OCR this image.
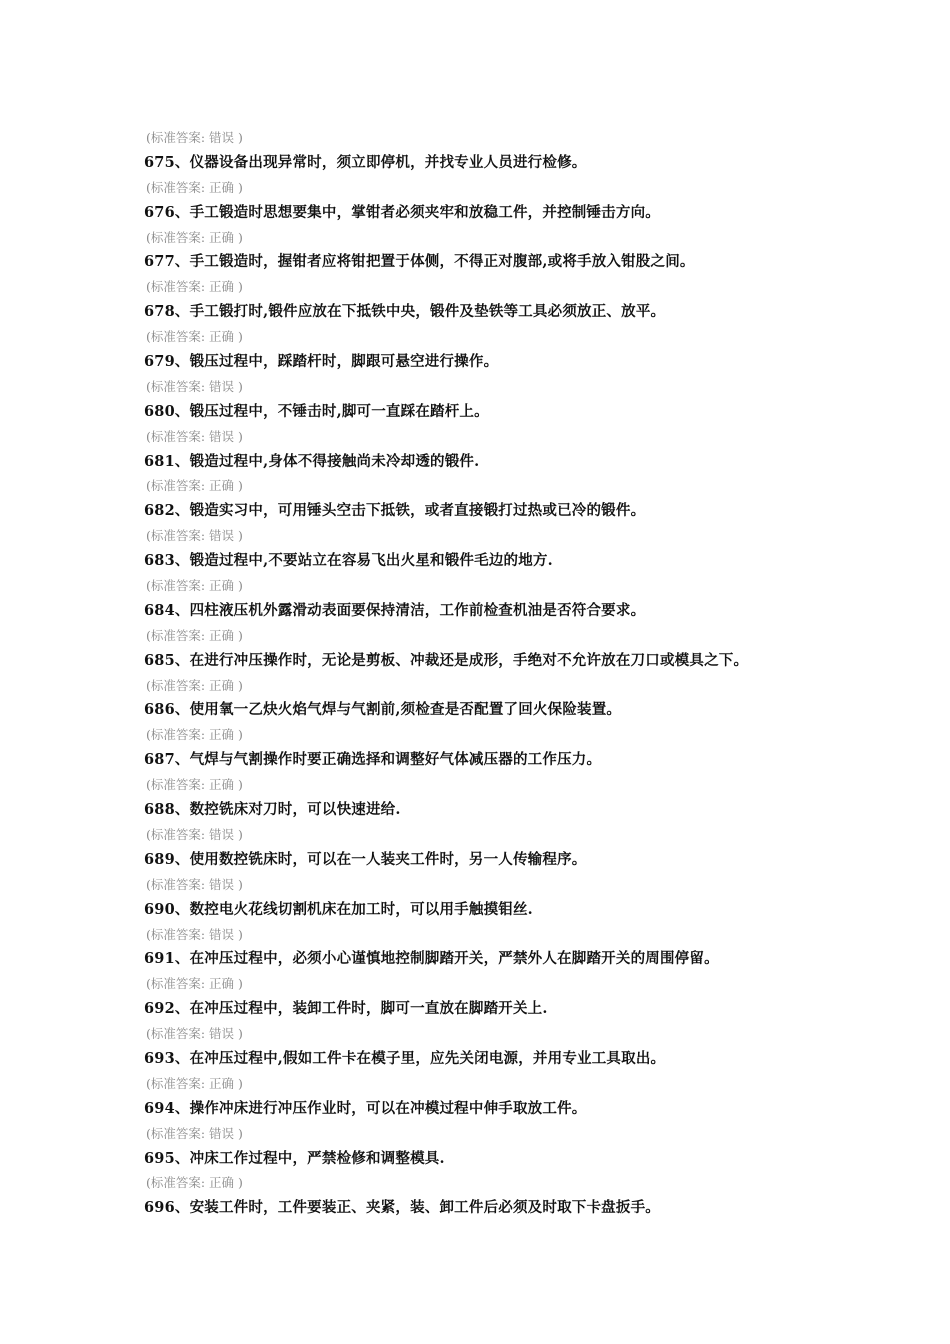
(标准答案: 错误 )
675、仪器设备出现异常时，须立即停机，并找专业人员进行检修。
(标准答案: 正确 )
676、手工锻造时思想要集中，掌钳者必须夹牢和放稳工件，并控制锤击方向。
(标准答案: 正确 )
677、手工锻造时，握钳者应将钳把置于体侧，不得正对腹部,或将手放入钳股之间。
(标准答案: 正确 )
678、手工锻打时,锻件应放在下抵铁中央，锻件及垫铁等工具必须放正、放平。
(标准答案: 正确 )
679、锻压过程中，踩踏杆时，脚跟可悬空进行操作。
(标准答案: 错误 )
680、锻压过程中，不锤击时,脚可一直踩在踏杆上。
(标准答案: 错误 )
681、锻造过程中,身体不得接触尚未冷却透的锻件.
(标准答案: 正确 )
682、锻造实习中，可用锤头空击下抵铁，或者直接锻打过热或已冷的锻件。
(标准答案: 错误 )
683、锻造过程中,不要站立在容易飞出火星和锻件毛边的地方.
(标准答案: 正确 )
684、四柱液压机外露滑动表面要保持清洁，工作前检查机油是否符合要求。
(标准答案: 正确 )
685、在进行冲压操作时，无论是剪板、冲裁还是成形，手绝对不允许放在刀口或模具之下。
(标准答案: 正确 )
686、使用氧一乙炔火焰气焊与气割前,须检查是否配置了回火保险装置。
(标准答案: 正确 )
687、气焊与气割操作时要正确选择和调整好气体减压器的工作压力。
(标准答案: 正确 )
688、数控铣床对刀时，可以快速进给.
(标准答案: 错误 )
689、使用数控铣床时，可以在一人装夹工件时，另一人传输程序。
(标准答案: 错误 )
690、数控电火花线切割机床在加工时，可以用手触摸钼丝.
(标准答案: 错误 )
691、在冲压过程中，必须小心谨慎地控制脚踏开关，严禁外人在脚踏开关的周围停留。
(标准答案: 正确 )
692、在冲压过程中，装卸工件时，脚可一直放在脚踏开关上.
(标准答案: 错误 )
693、在冲压过程中,假如工件卡在模子里，应先关闭电源，并用专业工具取出。
(标准答案: 正确 )
694、操作冲床进行冲压作业时，可以在冲模过程中伸手取放工件。
(标准答案: 错误 )
695、冲床工作过程中，严禁检修和调整模具.
(标准答案: 正确 )
696、安装工件时，工件要装正、夹紧，装、卸工件后必须及时取下卡盘扳手。
